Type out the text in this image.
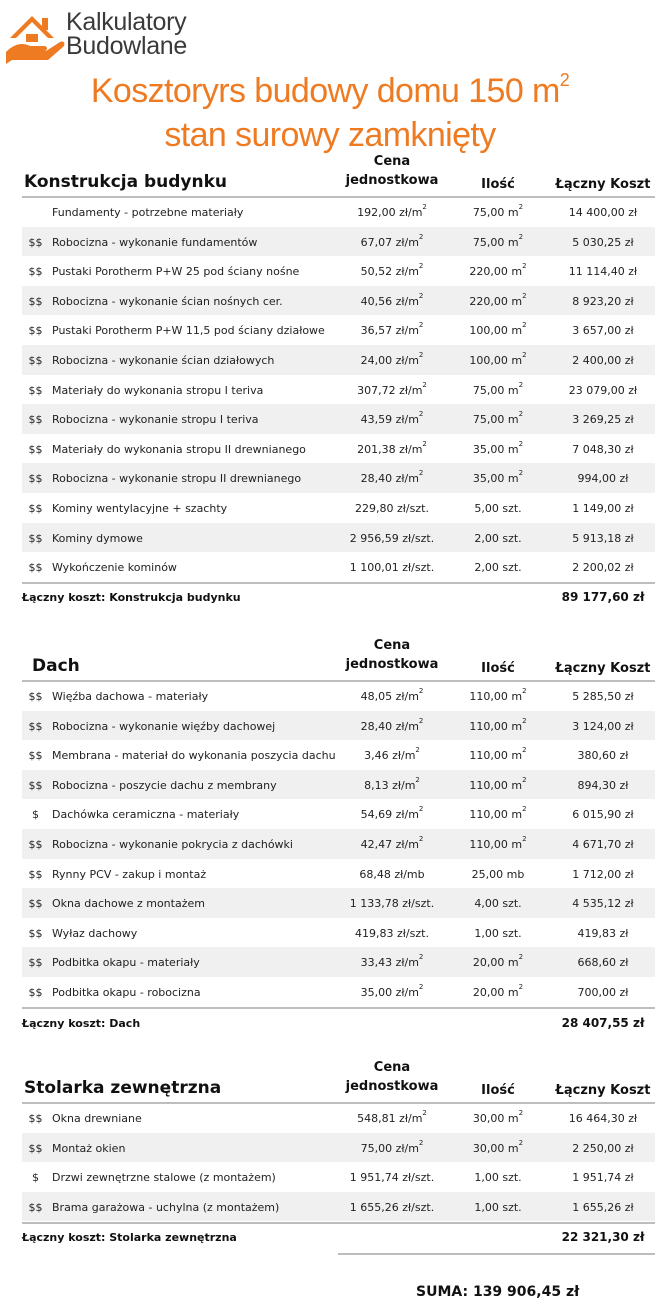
Kalkulatory
Budowlane
Kosztoryrs budowy domu 150 $m^2$
stan surowy zamknięty
Konstrukcja budynku
Cena
jednostkowa	Ilość	Łączny Koszt
Fundamenty - potrzebne materiały	192,00 $zł/m^2$	75,00 $m^2$	14 400,00 zł
$$ Robocizna - wykonanie fundamentów	67,07 $zł/m^2$	75,00 $m^2$	5 030,25 zł
$$ Pustaki Porotherm P+W 25 pod ściany nośne	50,52 $zł/m^2$	220,00 $m^2$	11 114,40 zł
$$ Robocizna - wykonanie ścian nośnych cer.	40,56 $zł/m^2$	220,00 $m^2$	8 923,20 zł
$$ Pustaki Porotherm P+W 11,5 pod ściany działowe	36,57 $zł/m^2$	100,00 $m^2$	3 657,00 zł
$$ Robocizna - wykonanie ścian działowych	24,00 $zł/m^2$	100,00 $m^2$	2 400,00 zł
$$ Materiały do wykonania stropu I teriva	307,72 $zł/m^2$	75,00 $m^2$	23 079,00 zł
$$ Robocizna - wykonanie stropu I teriva	43,59 $zł/m^2$	75,00 $m^2$	3 269,25 zł
$$ Materiały do wykonania stropu II drewnianego	201,38 $zł/m^2$	35,00 $m^2$	7 048,30 zł
$$ Robocizna - wykonanie stropu II drewnianego	28,40 $zł/m^2$	35,00 $m^2$	994,00 zł
$$ Kominy wentylacyjne + szachty	229,80 zł/szt.	5,00 szt.	1 149,00 zł
$$ Kominy dymowe	2 956,59 zł/szt.	2,00 szt.	5 913,18 zł
$$ Wykończenie kominów	1 100,01 zł/szt.	2,00 szt.	2 200,02 zł
Łączny koszt: Konstrukcja budynku	89 177,60 zł
Dach
Cena
jednostkowa	Ilość	Łączny Koszt
$$ Więźba dachowa - materiały	48,05 $zł/m^2$	110,00 $m^2$	5 285,50 zł
$$ Robocizna - wykonanie więźby dachowej	28,40 $zł/m^2$	110,00 $m^2$	3 124,00 zł
$$ Membrana - materiał do wykonania poszycia dachu	3,46 $zł/m^2$	110,00 $m^2$	380,60 zł
$$ Robocizna - poszycie dachu z membrany	8,13 $zł/m^2$	110,00 $m^2$	894,30 zł
$	Dachówka ceramiczna - materiały	54,69 $zł/m^2$	110,00 $m^2$	6 015,90 zł
$$ Robocizna - wykonanie pokrycia z dachówki	42,47 $zł/m^2$	110,00 $m^2$	4 671,70 zł
$$ Rynny PCV - zakup i montaż	68,48 zł/mb	25,00 mb	1 712,00 zł
$$ Okna dachowe z montażem	1 133,78 zł/szt.	4,00 szt.	4 535,12 zł
$$ Wyłaz dachowy	419,83 zł/szt.	1,00 szt.	419,83 zł
$$ Podbitka okapu - materiały	33,43 $zł/m^2$	20,00 $m^2$	668,60 zł
$$ Podbitka okapu - robocizna	35,00 $zł/m^2$	20,00 $m^2$	700,00 zł
Łączny koszt: Dach	28 407,55 zł
Stolarka zewnętrzna
Cena
jednostkowa	Ilość	Łączny Koszt
$$ Okna drewniane	548,81 $zł/m^2$	30,00 $m^2$	16 464,30 zł
$$ Montaż okien	75,00 $zł/m^2$	30,00 $m^2$	2 250,00 zł
$	Drzwi zewnętrzne stalowe (z montażem)	1 951,74 zł/szt.	1,00 szt.	1 951,74 zł
$$ Brama garażowa - uchylna (z montażem)	1 655,26 zł/szt.	1,00 szt.	1 655,26 zł
Łączny koszt: Stolarka zewnętrzna	22 321,30 zł
SUMA: 139 906,45 zł
